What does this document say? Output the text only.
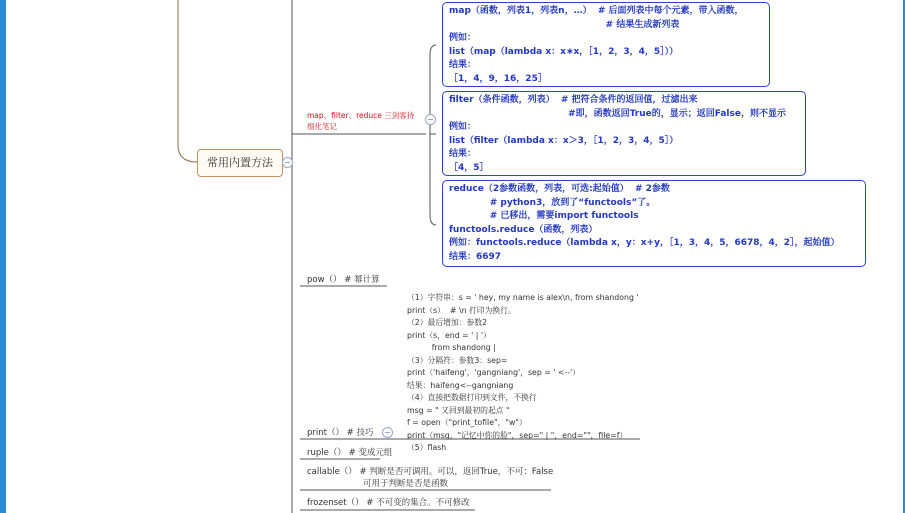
常用内置方法	−
map、filter、reduce 三剑客待 细化笔记
−
map（函数，列表1，列表n，…）  # 后面列表中每个元素，带入函数，
# 结果生成新列表
例如：
list（map（lambda x：x∗x，［1，2，3，4，5］））
结果：
［1，4，9，16，25］
filter（条件函数，列表）  # 把符合条件的返回值，过滤出来
#即，函数返回True的，显示；返回False，则不显示
例如：
list（filter（lambda x：x＞3，［1，2，3，4，5］）
结果：
［4，5］
reduce（2参数函数，列表，可选:起始值）  # 2参数
# python3，放到了“functools”了。
# 已移出，需要import functools
functools.reduce（函数，列表）
例如：functools.reduce（lambda x，y：x+y，［1，3，4，5，6678，4，2］，起始值）
结果：6697
pow（） # 幂计算
（1）字符串：s = ' hey, my name is alex\n, from shandong '
print（s）  # \n 打印为换行。
（2）最后增加：参数2
print（s，end = ' | '）
from shandong |
（3）分隔符：参数3：sep=
print（'haifeng'，'gangniang'，sep = ' <--'）
结果：haifeng<--gangniang
（4）直接把数据打印到文件，不换行
msg = " 又回到最初的起点 "
f = open（"print_tofile"，"w"）
print（msg，"记忆中你的脸"，sep=" | "，end=""，file=f）
（5）flash
print（） # 技巧 −
ruple（） # 变成元组
callable（） # 判断是否可调用。可以，返回True，不可：False
可用于判断是否是函数
frozenset（） # 不可变的集合。不可修改
